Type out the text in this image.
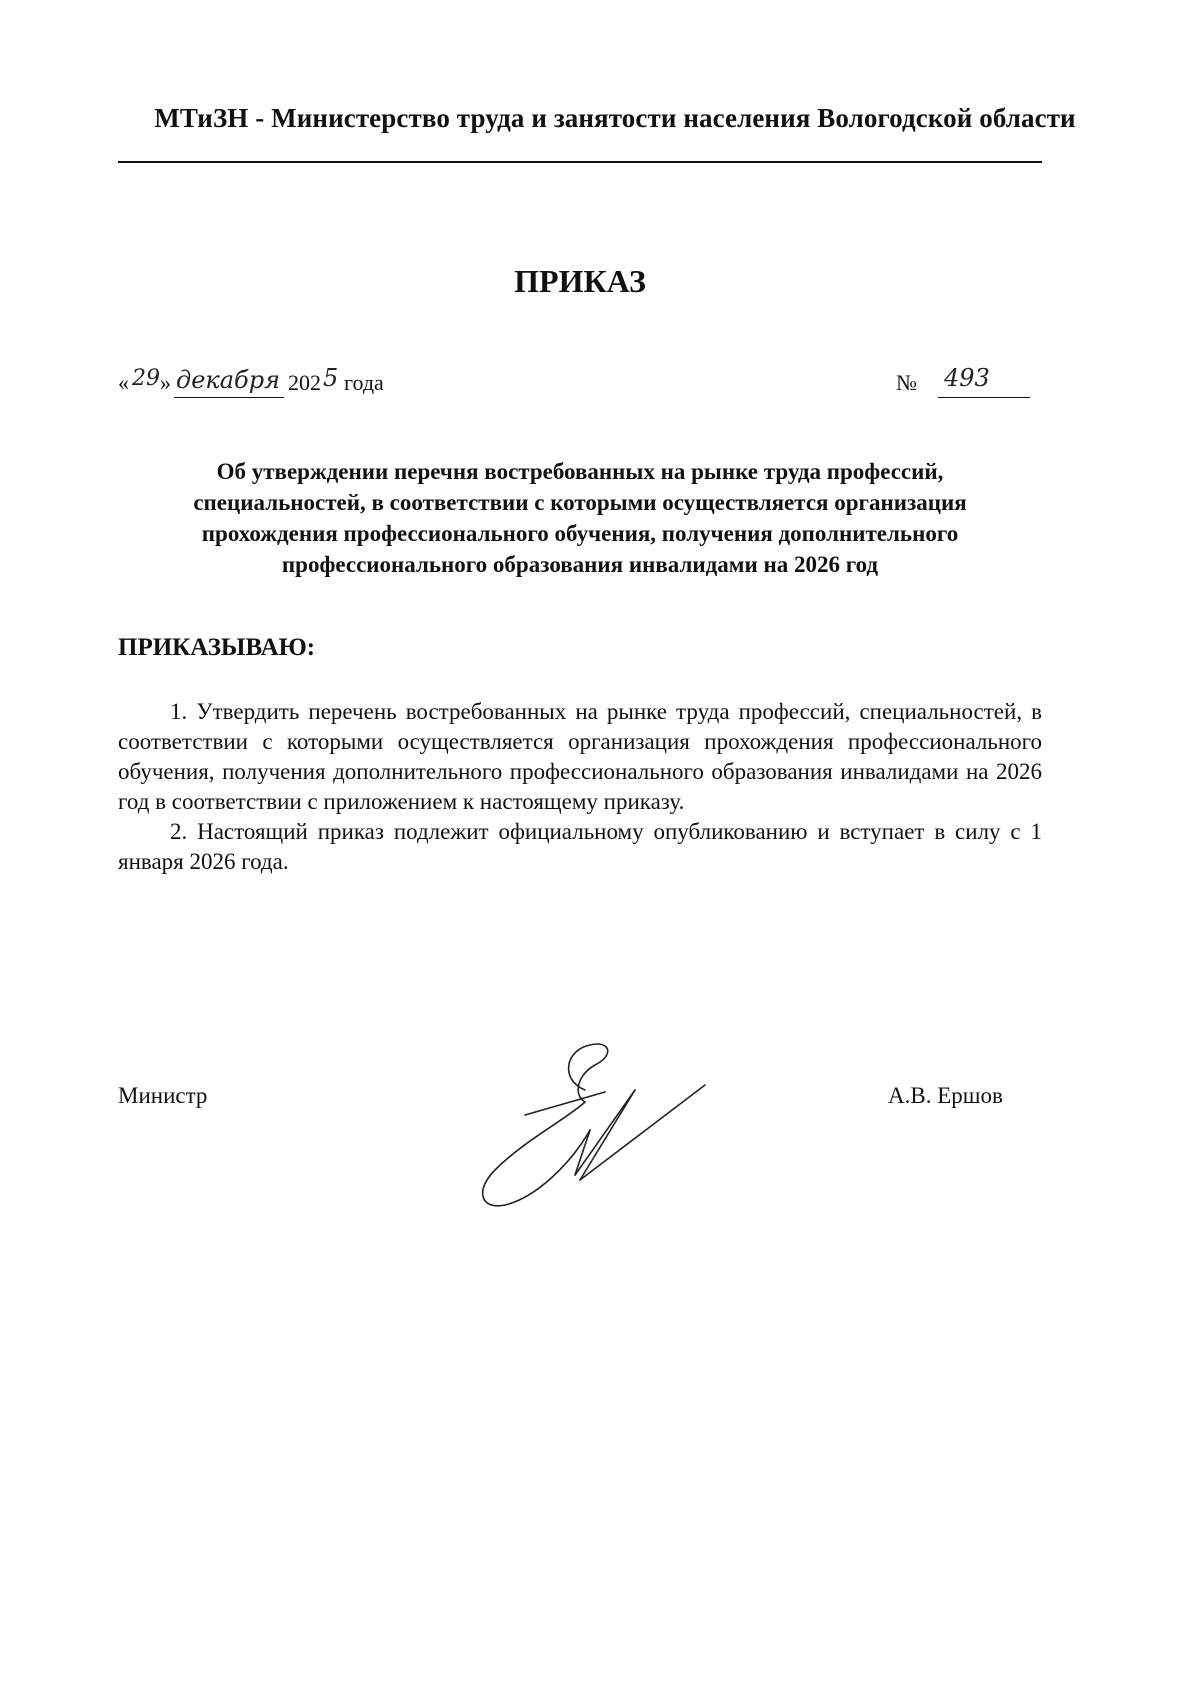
МТиЗН - Министерство труда и занятости населения Вологодской области
ПРИКАЗ
« 29 » декабря 202 5 года	№ 493
Об утверждении перечня востребованных на рынке труда профессий,
специальностей, в соответствии с которыми осуществляется организация
прохождения профессионального обучения, получения дополнительного
профессионального образования инвалидами на 2026 год
ПРИКАЗЫВАЮ:

1. Утвердить перечень востребованных на рынке труда профессий, специальностей, в соответствии с которыми осуществляется организация прохождения профессионального обучения, получения дополнительного профессионального образования инвалидами на 2026 год в соответствии с приложением к настоящему приказу.

2. Настоящий приказ подлежит официальному опубликованию и вступает в силу с 1 января 2026 года.

Министр	А.В. Ершов
